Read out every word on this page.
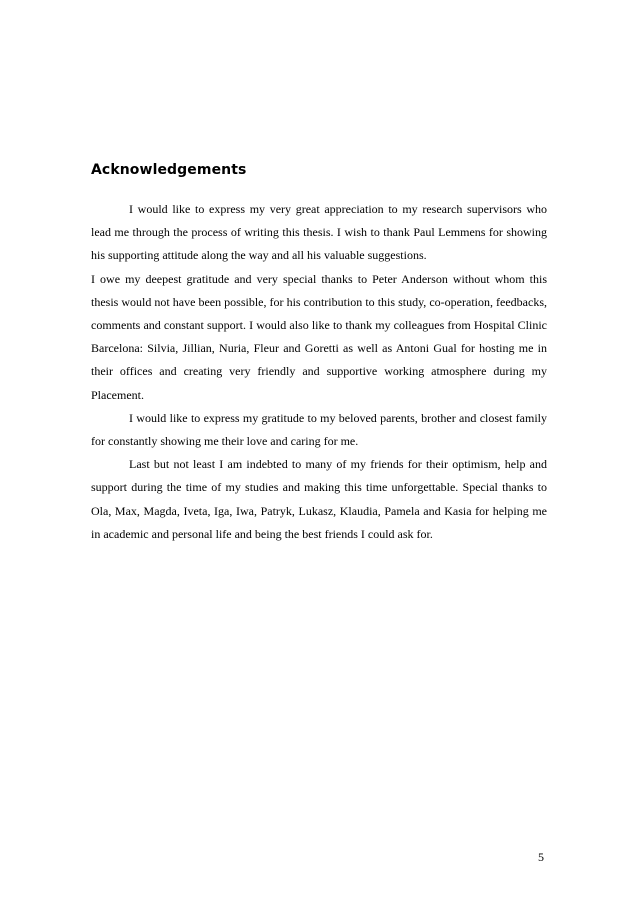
Acknowledgements

I would like to express my very great appreciation to my research supervisors who lead me through the process of writing this thesis. I wish to thank Paul Lemmens for showing his supporting attitude along the way and all his valuable suggestions.

I owe my deepest gratitude and very special thanks to Peter Anderson without whom this thesis would not have been possible, for his contribution to this study, co-operation, feedbacks, comments and constant support. I would also like to thank my colleagues from Hospital Clinic Barcelona: Silvia, Jillian, Nuria, Fleur and Goretti as well as Antoni Gual for hosting me in their offices and creating very friendly and supportive working atmosphere during my Placement.

I would like to express my gratitude to my beloved parents, brother and closest family for constantly showing me their love and caring for me.

Last but not least I am indebted to many of my friends for their optimism, help and support during the time of my studies and making this time unforgettable. Special thanks to Ola, Max, Magda, Iveta, Iga, Iwa, Patryk, Lukasz, Klaudia, Pamela and Kasia for helping me in academic and personal life and being the best friends I could ask for.

5
